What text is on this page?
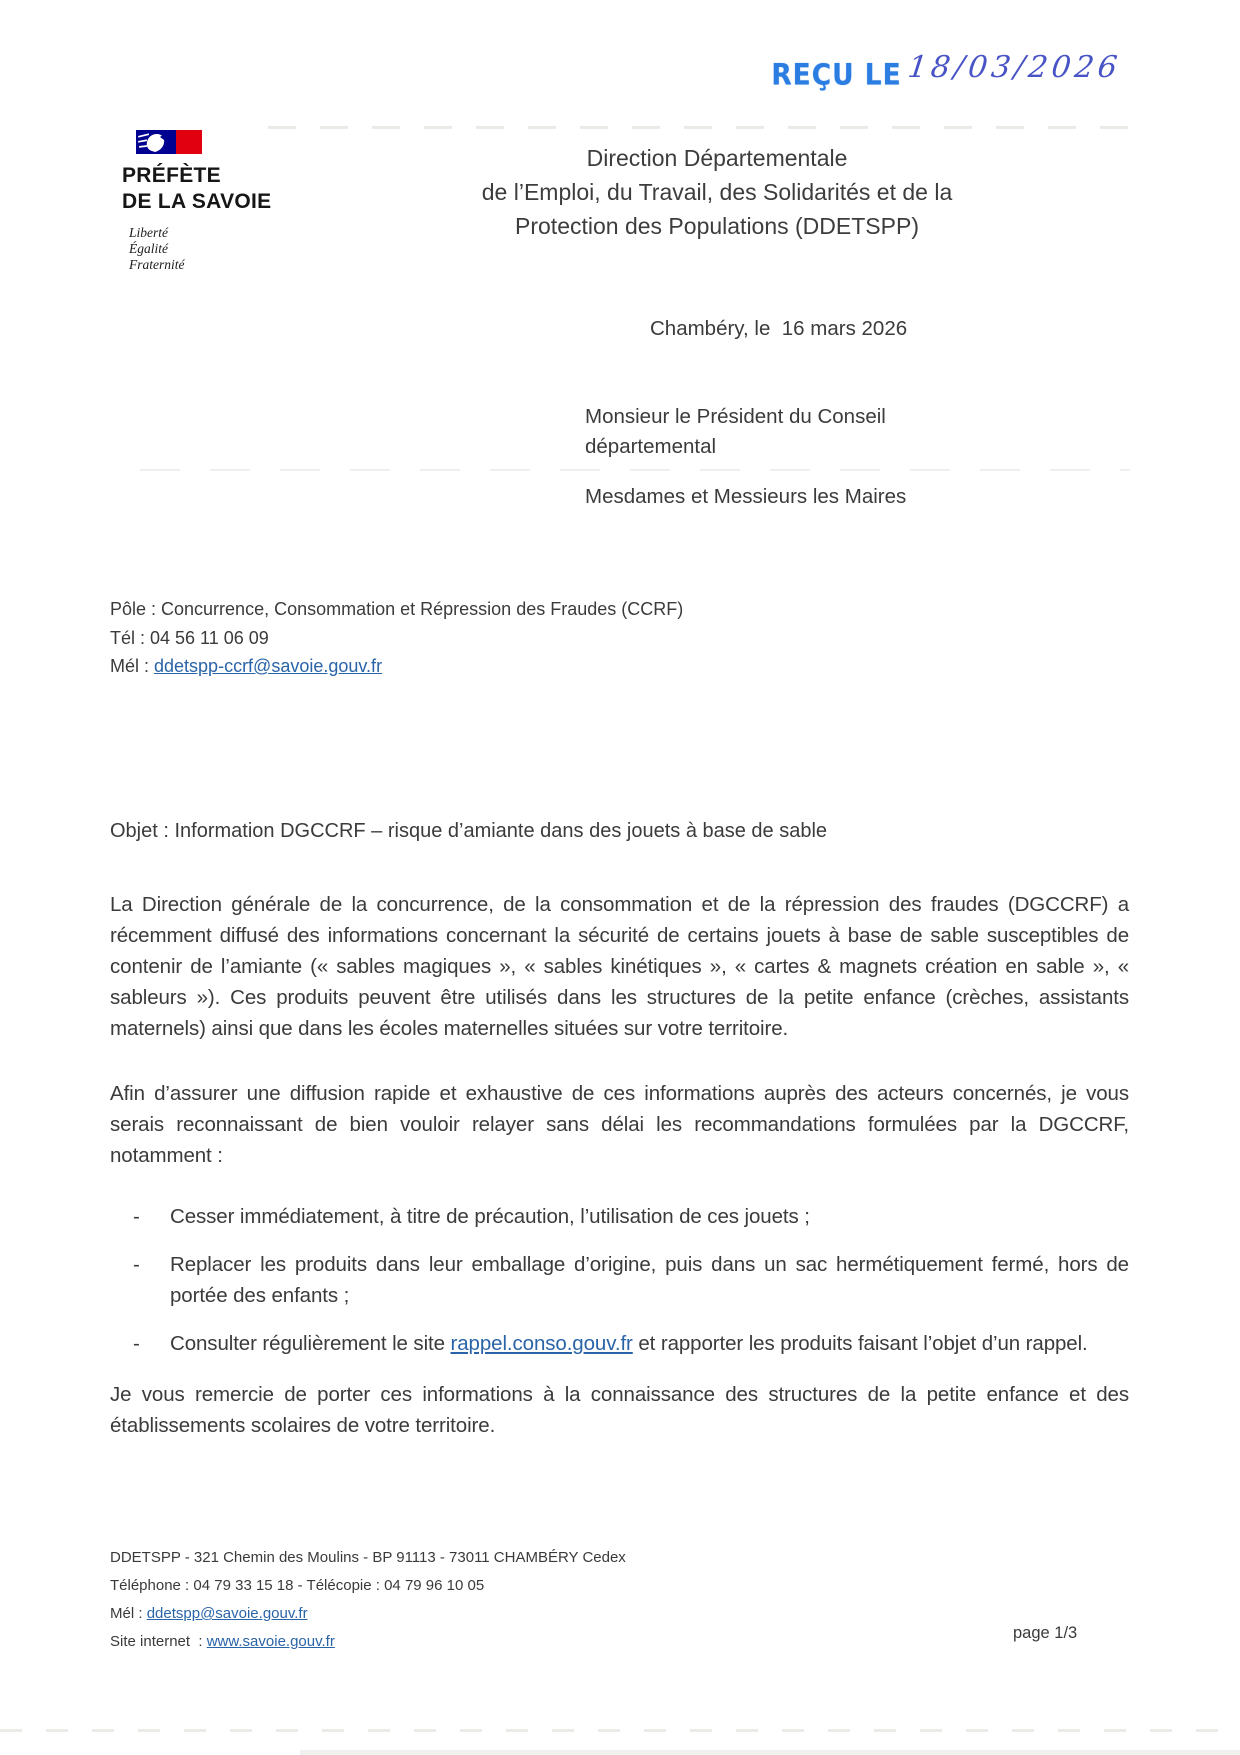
REÇU LE 18/03/2026
PRÉFÈTE
DE LA SAVOIE
Liberté
Égalité
Fraternité
Direction Départementale
de l’Emploi, du Travail, des Solidarités et de la
Protection des Populations (DDETSPP)
Chambéry, le  16 mars 2026

Monsieur le Président du Conseil départemental

Mesdames et Messieurs les Maires

Pôle : Concurrence, Consommation et Répression des Fraudes (CCRF)
Tél : 04 56 11 06 09
Mél : ddetspp-ccrf@savoie.gouv.fr
Objet : Information DGCCRF – risque d’amiante dans des jouets à base de sable

La Direction générale de la concurrence, de la consommation et de la répression des fraudes (DGCCRF) a récemment diffusé des informations concernant la sécurité de certains jouets à base de sable susceptibles de contenir de l’amiante (« sables magiques », « sables kinétiques », « cartes & magnets création en sable », « sableurs »). Ces produits peuvent être utilisés dans les structures de la petite enfance (crèches, assistants maternels) ainsi que dans les écoles maternelles situées sur votre territoire.

Afin d’assurer une diffusion rapide et exhaustive de ces informations auprès des acteurs concernés, je vous serais reconnaissant de bien vouloir relayer sans délai les recommandations formulées par la DGCCRF, notamment :

-	Cesser immédiatement, à titre de précaution, l’utilisation de ces jouets ;
-	Replacer les produits dans leur emballage d’origine, puis dans un sac hermétiquement fermé, hors de portée des enfants ;
-	Consulter régulièrement le site rappel.conso.gouv.fr et rapporter les produits faisant l’objet d’un rappel.

Je vous remercie de porter ces informations à la connaissance des structures de la petite enfance et des établissements scolaires de votre territoire.

DDETSPP - 321 Chemin des Moulins - BP 91113 - 73011 CHAMBÉRY Cedex
Téléphone : 04 79 33 15 18 - Télécopie : 04 79 96 10 05
Mél : ddetspp@savoie.gouv.fr
Site internet  : www.savoie.gouv.fr	page 1/3
